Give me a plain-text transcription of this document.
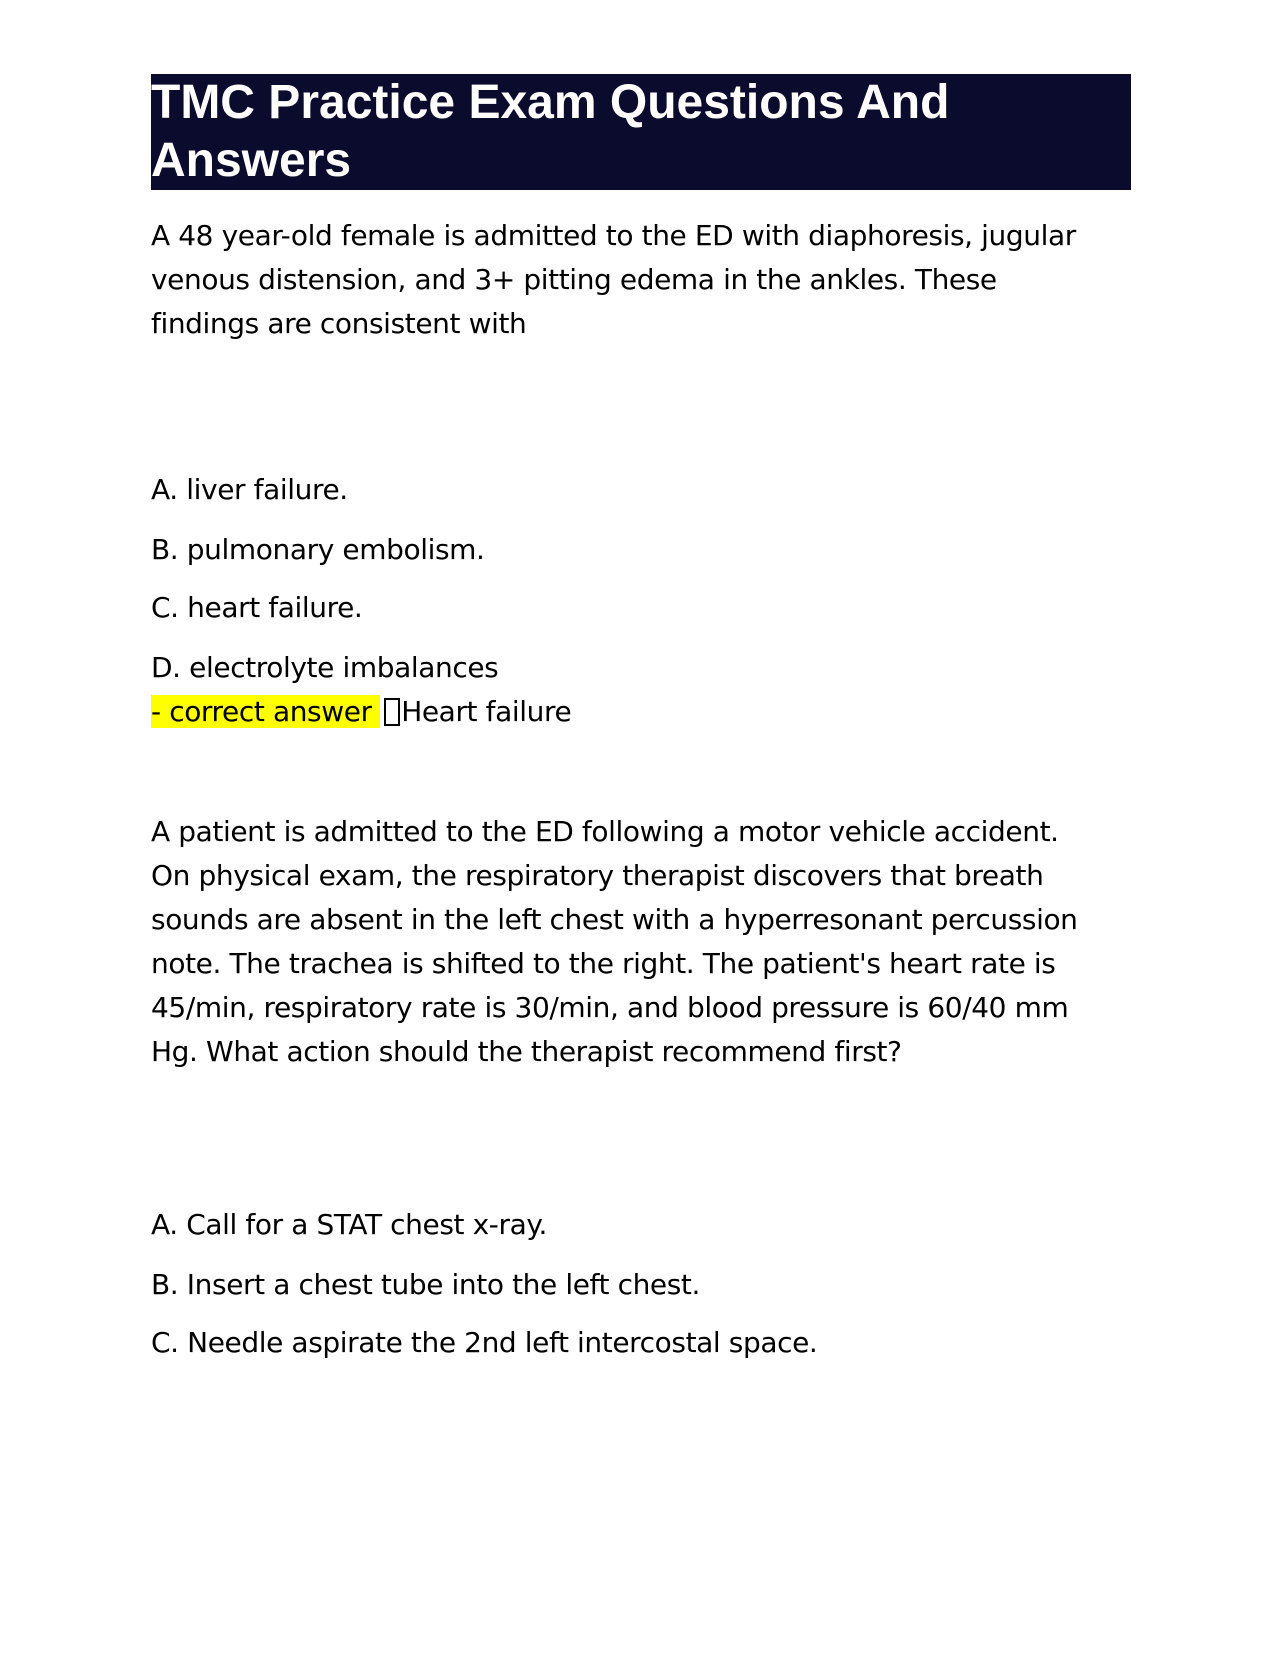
TMC Practice Exam Questions And Answers

A 48 year-old female is admitted to the ED with diaphoresis, jugular venous distension, and 3+ pitting edema in the ankles. These findings are consistent with

A. liver failure.

B. pulmonary embolism.

C. heart failure.

D. electrolyte imbalances

- correct answer Heart failure

A patient is admitted to the ED following a motor vehicle accident. On physical exam, the respiratory therapist discovers that breath sounds are absent in the left chest with a hyperresonant percussion note. The trachea is shifted to the right. The patient's heart rate is 45/min, respiratory rate is 30/min, and blood pressure is 60/40 mm Hg. What action should the therapist recommend first?

A. Call for a STAT chest x-ray.

B. Insert a chest tube into the left chest.

C. Needle aspirate the 2nd left intercostal space.
